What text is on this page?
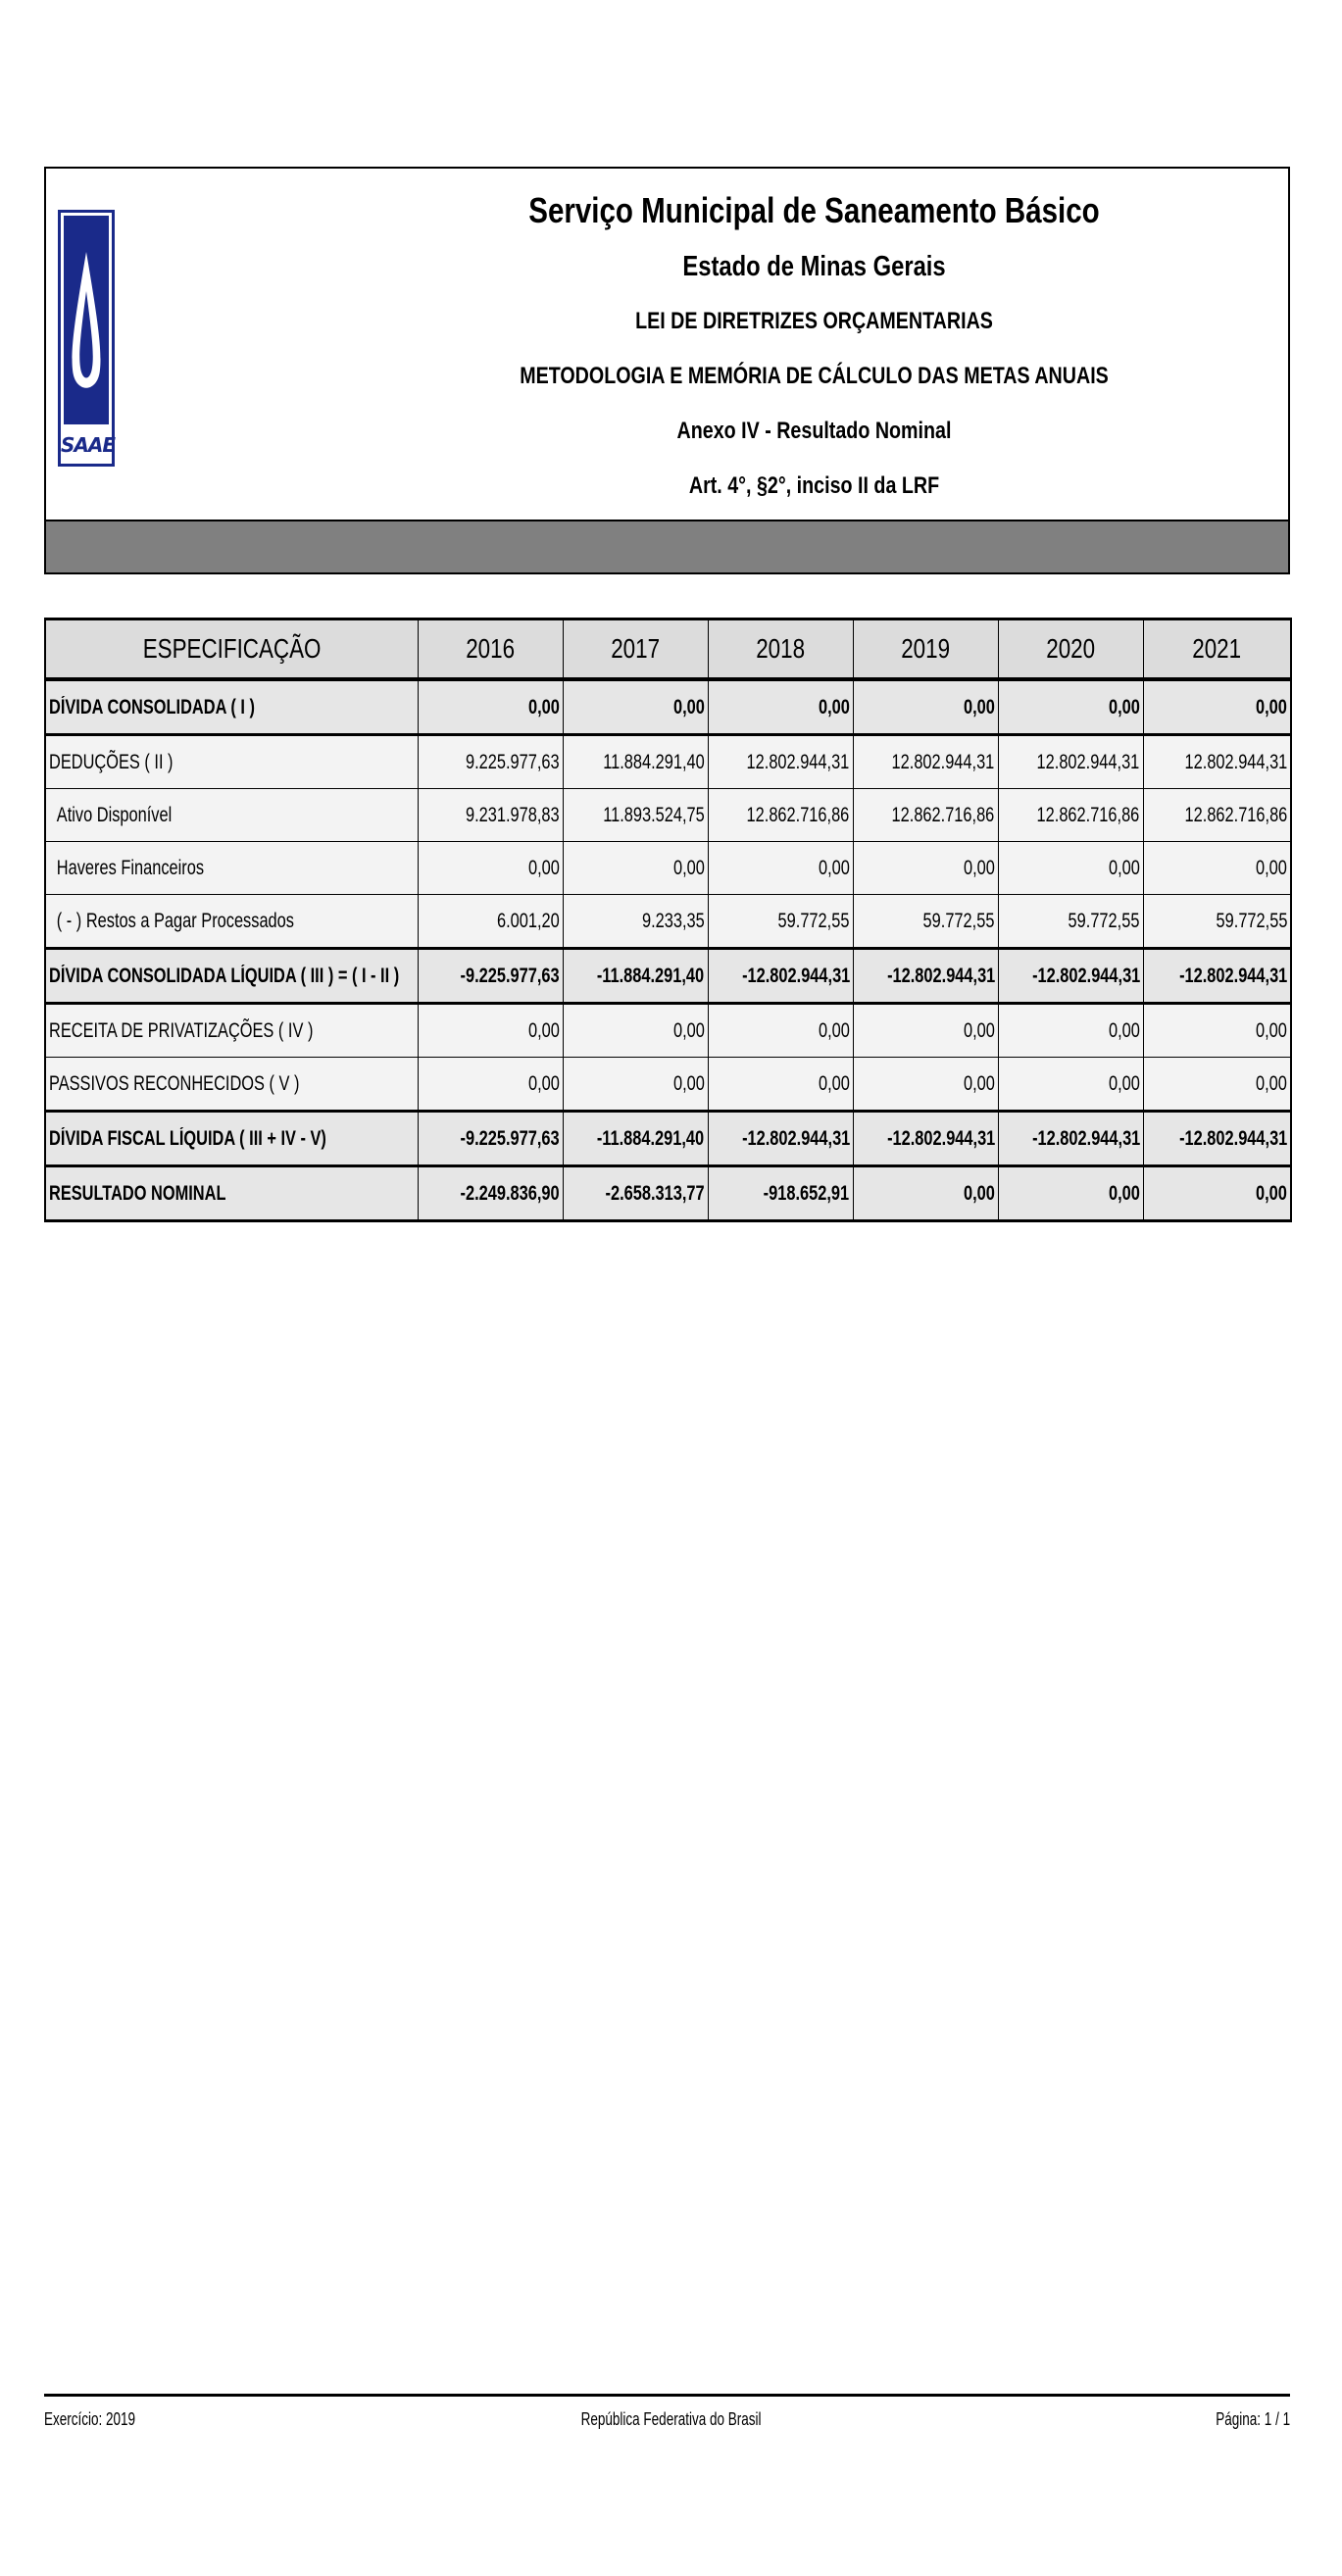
SAAE
Serviço Municipal de Saneamento Básico
Estado de Minas Gerais
LEI DE DIRETRIZES ORÇAMENTARIAS
METODOLOGIA E MEMÓRIA DE CÁLCULO DAS METAS ANUAIS
Anexo IV - Resultado Nominal
Art. 4°, §2°, inciso II da LRF
ESPECIFICAÇÃO	2016	2017	2018	2019	2020	2021
DÍVIDA CONSOLIDADA ( I )	0,00	0,00	0,00	0,00	0,00	0,00
DEDUÇÕES ( II )	9.225.977,63	11.884.291,40	12.802.944,31	12.802.944,31	12.802.944,31	12.802.944,31
Ativo Disponível	9.231.978,83	11.893.524,75	12.862.716,86	12.862.716,86	12.862.716,86	12.862.716,86
Haveres Financeiros	0,00	0,00	0,00	0,00	0,00	0,00
( - ) Restos a Pagar Processados	6.001,20	9.233,35	59.772,55	59.772,55	59.772,55	59.772,55
DÍVIDA CONSOLIDADA LÍQUIDA ( III ) = ( I - II )	-9.225.977,63	-11.884.291,40	-12.802.944,31	-12.802.944,31	-12.802.944,31	-12.802.944,31
RECEITA DE PRIVATIZAÇÕES ( IV )	0,00	0,00	0,00	0,00	0,00	0,00
PASSIVOS RECONHECIDOS ( V )	0,00	0,00	0,00	0,00	0,00	0,00
DÍVIDA FISCAL LÍQUIDA ( III + IV - V)	-9.225.977,63	-11.884.291,40	-12.802.944,31	-12.802.944,31	-12.802.944,31	-12.802.944,31
RESULTADO NOMINAL	-2.249.836,90	-2.658.313,77	-918.652,91	0,00	0,00	0,00
Exercício: 2019	República Federativa do Brasil	Página: 1 / 1
